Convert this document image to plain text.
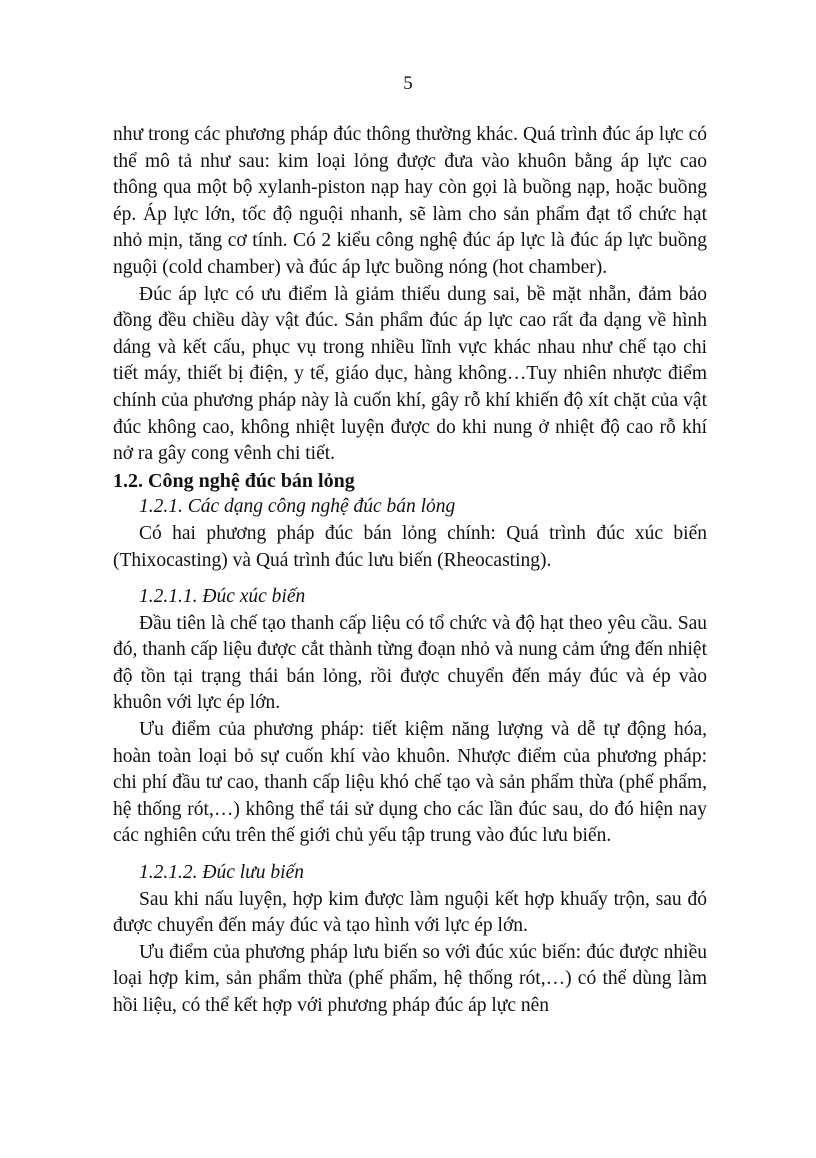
5

như trong các phương pháp đúc thông thường khác. Quá trình đúc áp lực có thể mô tả như sau: kim loại lỏng được đưa vào khuôn bằng áp lực cao thông qua một bộ xylanh-piston nạp hay còn gọi là buồng nạp, hoặc buồng ép. Áp lực lớn, tốc độ nguội nhanh, sẽ làm cho sản phẩm đạt tổ chức hạt nhỏ mịn, tăng cơ tính. Có 2 kiểu công nghệ đúc áp lực là đúc áp lực buồng nguội (cold chamber) và đúc áp lực buồng nóng (hot chamber).

Đúc áp lực có ưu điểm là giảm thiểu dung sai, bề mặt nhẵn, đảm bảo đồng đều chiều dày vật đúc. Sản phẩm đúc áp lực cao rất đa dạng về hình dáng và kết cấu, phục vụ trong nhiều lĩnh vực khác nhau như chế tạo chi tiết máy, thiết bị điện, y tế, giáo dục, hàng không…Tuy nhiên nhược điểm chính của phương pháp này là cuốn khí, gây rỗ khí khiến độ xít chặt của vật đúc không cao, không nhiệt luyện được do khi nung ở nhiệt độ cao rỗ khí nở ra gây cong vênh chi tiết.

1.2. Công nghệ đúc bán lỏng

1.2.1. Các dạng công nghệ đúc bán lỏng

Có hai phương pháp đúc bán lỏng chính: Quá trình đúc xúc biến (Thixocasting) và Quá trình đúc lưu biến (Rheocasting).

1.2.1.1. Đúc xúc biến

Đầu tiên là chế tạo thanh cấp liệu có tổ chức và độ hạt theo yêu cầu. Sau đó, thanh cấp liệu được cắt thành từng đoạn nhỏ và nung cảm ứng đến nhiệt độ tồn tại trạng thái bán lỏng, rồi được chuyển đến máy đúc và ép vào khuôn với lực ép lớn.

Ưu điểm của phương pháp: tiết kiệm năng lượng và dễ tự động hóa, hoàn toàn loại bỏ sự cuốn khí vào khuôn. Nhược điểm của phương pháp: chi phí đầu tư cao, thanh cấp liệu khó chế tạo và sản phẩm thừa (phế phẩm, hệ thống rót,…) không thể tái sử dụng cho các lần đúc sau, do đó hiện nay các nghiên cứu trên thế giới chủ yếu tập trung vào đúc lưu biến.

1.2.1.2. Đúc lưu biến

Sau khi nấu luyện, hợp kim được làm nguội kết hợp khuấy trộn, sau đó được chuyển đến máy đúc và tạo hình với lực ép lớn.

Ưu điểm của phương pháp lưu biến so với đúc xúc biến: đúc được nhiều loại hợp kim, sản phẩm thừa (phế phẩm, hệ thống rót,…) có thể dùng làm hồi liệu, có thể kết hợp với phương pháp đúc áp lực nên
